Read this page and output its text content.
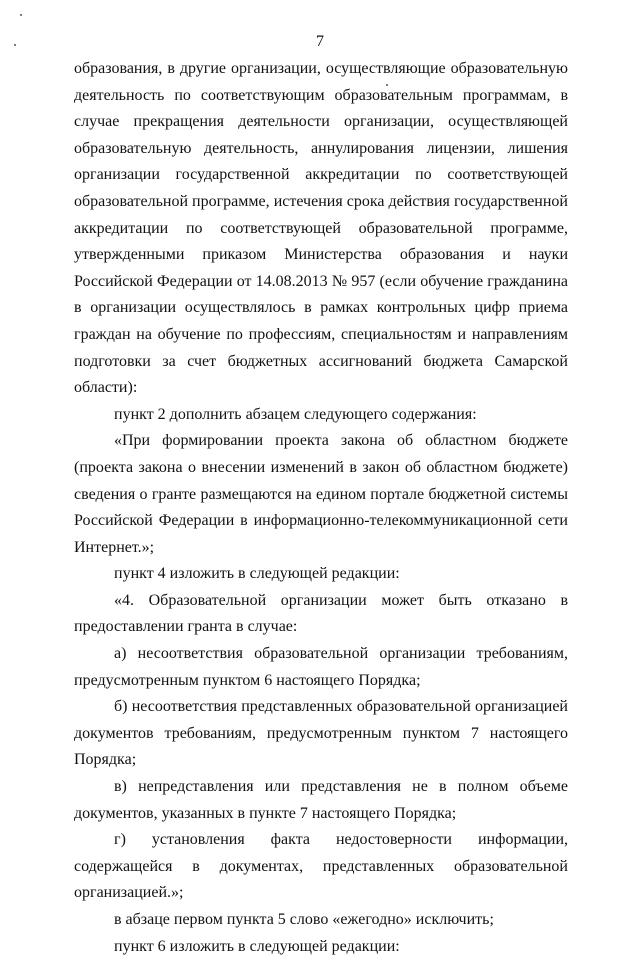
7

образования, в другие организации, осуществляющие образовательную деятельность по соответствующим образовательным программам, в случае прекращения деятельности организации, осуществляющей образовательную деятельность, аннулирования лицензии, лишения организации государственной аккредитации по соответствующей образовательной программе, истечения срока действия государственной аккредитации по соответствующей образовательной программе, утвержденными приказом Министерства образования и науки Российской Федерации от 14.08.2013 № 957 (если обучение гражданина в организации осуществлялось в рамках контрольных цифр приема граждан на обучение по профессиям, специальностям и направлениям подготовки за счет бюджетных ассигнований бюджета Самарской области):

пункт 2 дополнить абзацем следующего содержания:

«При формировании проекта закона об областном бюджете (проекта закона о внесении изменений в закон об областном бюджете) сведения о гранте размещаются на едином портале бюджетной системы Российской Федерации в информационно-телекоммуникационной сети Интернет.»;

пункт 4 изложить в следующей редакции:

«4. Образовательной организации может быть отказано в предоставлении гранта в случае:

а) несоответствия образовательной организации требованиям, предусмотренным пунктом 6 настоящего Порядка;

б) несоответствия представленных образовательной организацией документов требованиям, предусмотренным пунктом 7 настоящего Порядка;

в) непредставления или представления не в полном объеме документов, указанных в пункте 7 настоящего Порядка;

г) установления факта недостоверности информации, содержащейся в документах, представленных образовательной организацией.»;

в абзаце первом пункта 5 слово «ежегодно» исключить;

пункт 6 изложить в следующей редакции:
